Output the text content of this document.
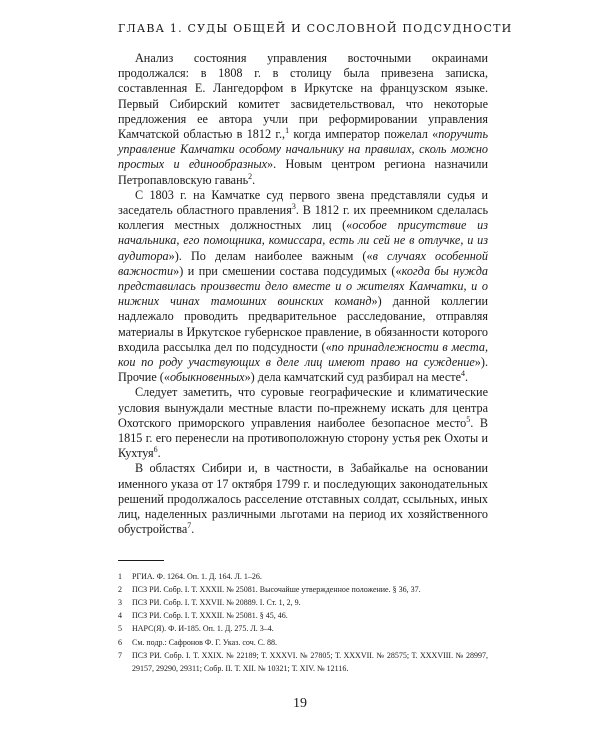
ГЛАВА 1. СУДЫ ОБЩЕЙ И СОСЛОВНОЙ ПОДСУДНОСТИ

Анализ состояния управления восточными окраинами продолжался: в 1808 г. в столицу была привезена записка, составленная Е. Лангедорфом в Иркутске на французском языке. Первый Сибирский комитет засвидетельствовал, что некоторые предложения ее автора учли при реформировании управления Камчатской областью в 1812 г.,$^1$ когда император пожелал «поручить управление Камчатки особому начальнику на правилах, сколь можно простых и единообразных». Новым центром региона назначили Петропавловскую гавань$^2$.

С 1803 г. на Камчатке суд первого звена представляли судья и заседатель областного правления$^3$. В 1812 г. их преемником сделалась коллегия местных должностных лиц («особое присутствие из начальника, его помощника, комиссара, есть ли сей не в отлучке, и из аудитора»). По делам наиболее важным («в случаях особенной важности») и при смешении состава подсудимых («когда бы нужда представилась произвести дело вместе и о жителях Камчатки, и о нижних чинах тамошних воинских команд») данной коллегии надлежало проводить предварительное расследование, отправляя материалы в Иркутское губернское правление, в обязанности которого входила рассылка дел по подсудности («по принадлежности в места, кои по роду участвующих в деле лиц имеют право на суждение»). Прочие («обыкновенных») дела камчатский суд разбирал на месте$^4$.

Следует заметить, что суровые географические и климатические условия вынуждали местные власти по-прежнему искать для центра Охотского приморского управления наиболее безопасное место$^5$. В 1815 г. его перенесли на противоположную сторону устья рек Охоты и Кухтуя$^6$.

В областях Сибири и, в частности, в Забайкалье на основании именного указа от 17 октября 1799 г. и последующих законодательных решений продолжалось расселение отставных солдат, ссыльных, иных лиц, наделенных различными льготами на период их хозяйственного обустройства$^7$.

1	РГИА. Ф. 1264. Оп. 1. Д. 164. Л. 1–26.
2	ПСЗ РИ. Собр. I. Т. XXXII. № 25081. Высочайше утвержденное положение. § 36, 37.
3	ПСЗ РИ. Собр. I. Т. XXVII. № 20889. I. Ст. 1, 2, 9.
4	ПСЗ РИ. Собр. I. Т. XXXII. № 25081. § 45, 46.
5	НАРС(Я). Ф. И-185. Оп. 1. Д. 275. Л. 3–4.
6	См. подр.: Сафронов Ф. Г. Указ. соч. С. 88.
7	ПСЗ РИ. Собр. I. Т. XXIX. № 22189; Т. XXXVI. № 27805; Т. XXXVII. № 28575; Т. XXXVIII. № 28997, 29157, 29290, 29311; Собр. II. Т. XII. № 10321; Т. XIV. № 12116.
19
